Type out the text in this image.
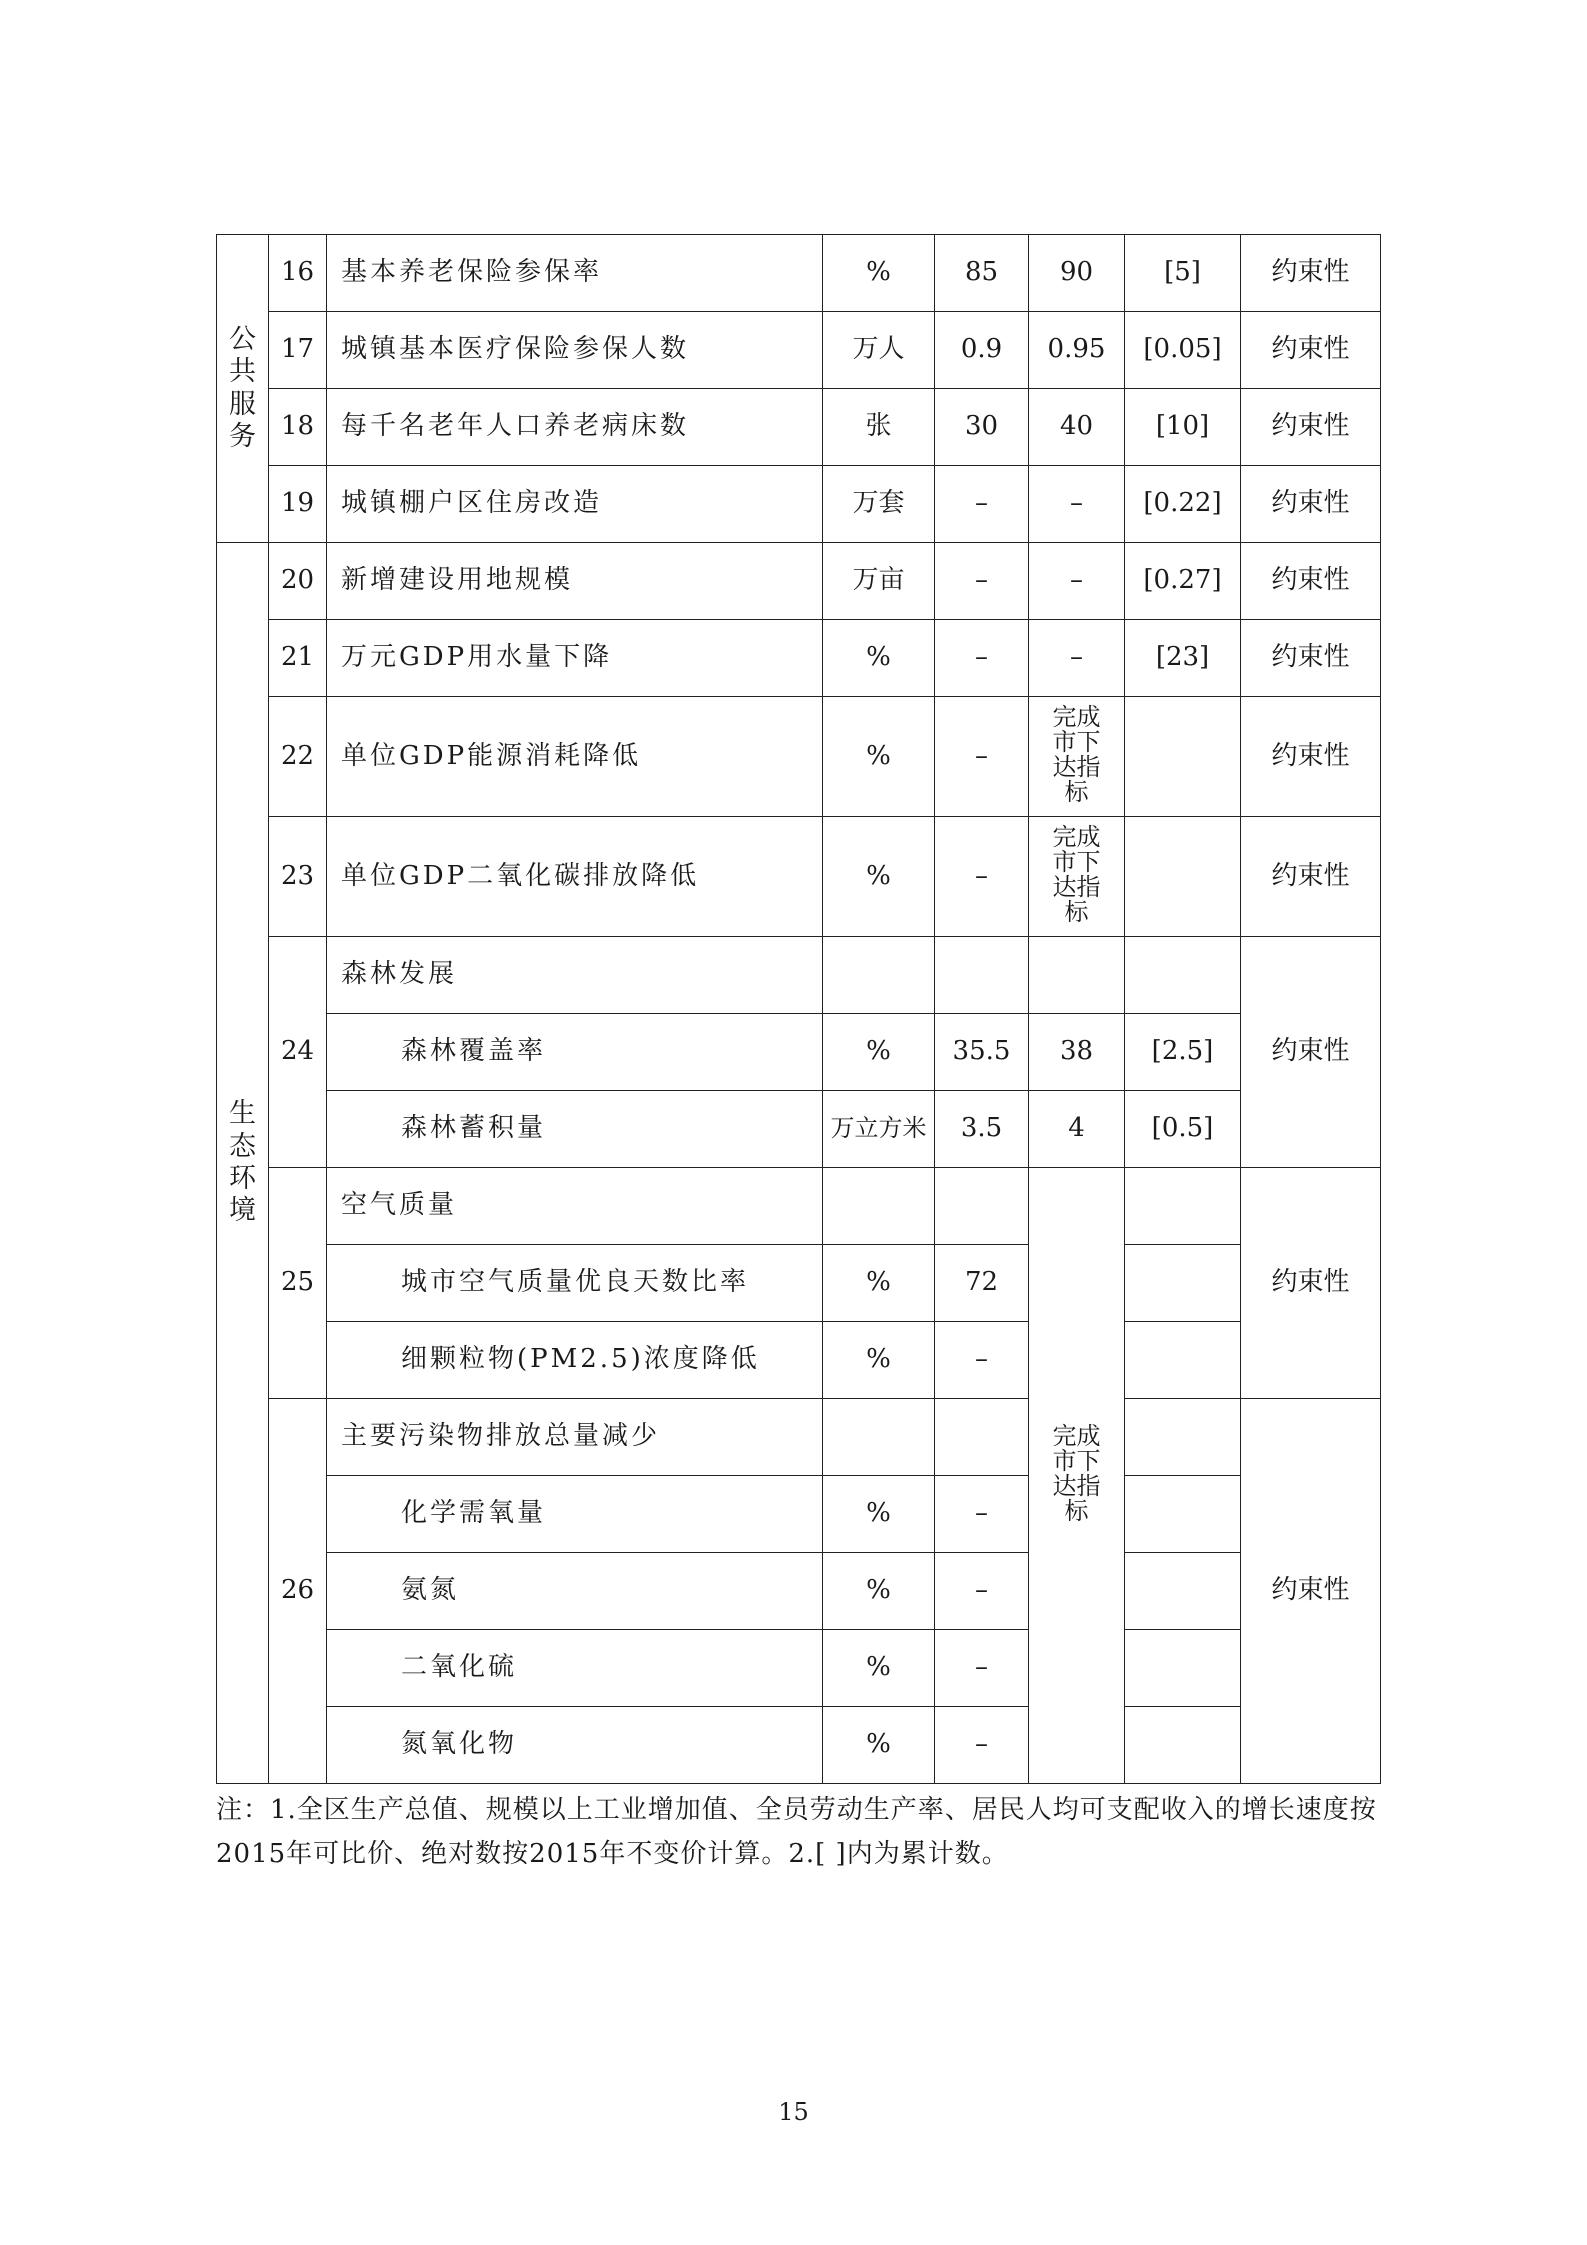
公共服务	16	基本养老保险参保率	%	85	90	[5]	约束性
	17	城镇基本医疗保险参保人数	万人	0.9	0.95	[0.05]	约束性
	18	每千名老年人口养老病床数	张	30	40	[10]	约束性
	19	城镇棚户区住房改造	万套	–	–	[0.22]	约束性
生态环境	20	新增建设用地规模	万亩	–	–	[0.27]	约束性
	21	万元GDP用水量下降	%	–	–	[23]	约束性
	22	单位GDP能源消耗降低	%	–	完成市下达指标		约束性
	23	单位GDP二氧化碳排放降低	%	–	完成市下达指标		约束性
	24	森林发展					约束性
		森林覆盖率	%	35.5	38	[2.5]	
		森林蓄积量	万立方米	3.5	4	[0.5]	
	25	空气质量			完成市下达指标		约束性
		城市空气质量优良天数比率	%	72			
		细颗粒物(PM2.5)浓度降低	%	–			
	26	主要污染物排放总量减少					约束性
		化学需氧量	%	–			
		氨氮	%	–			
		二氧化硫	%	–			
		氮氧化物	%	–			
注：1.全区生产总值、规模以上工业增加值、全员劳动生产率、居民人均可支配收入的增长速度按2015年可比价、绝对数按2015年不变价计算。2.[ ]内为累计数。
15
